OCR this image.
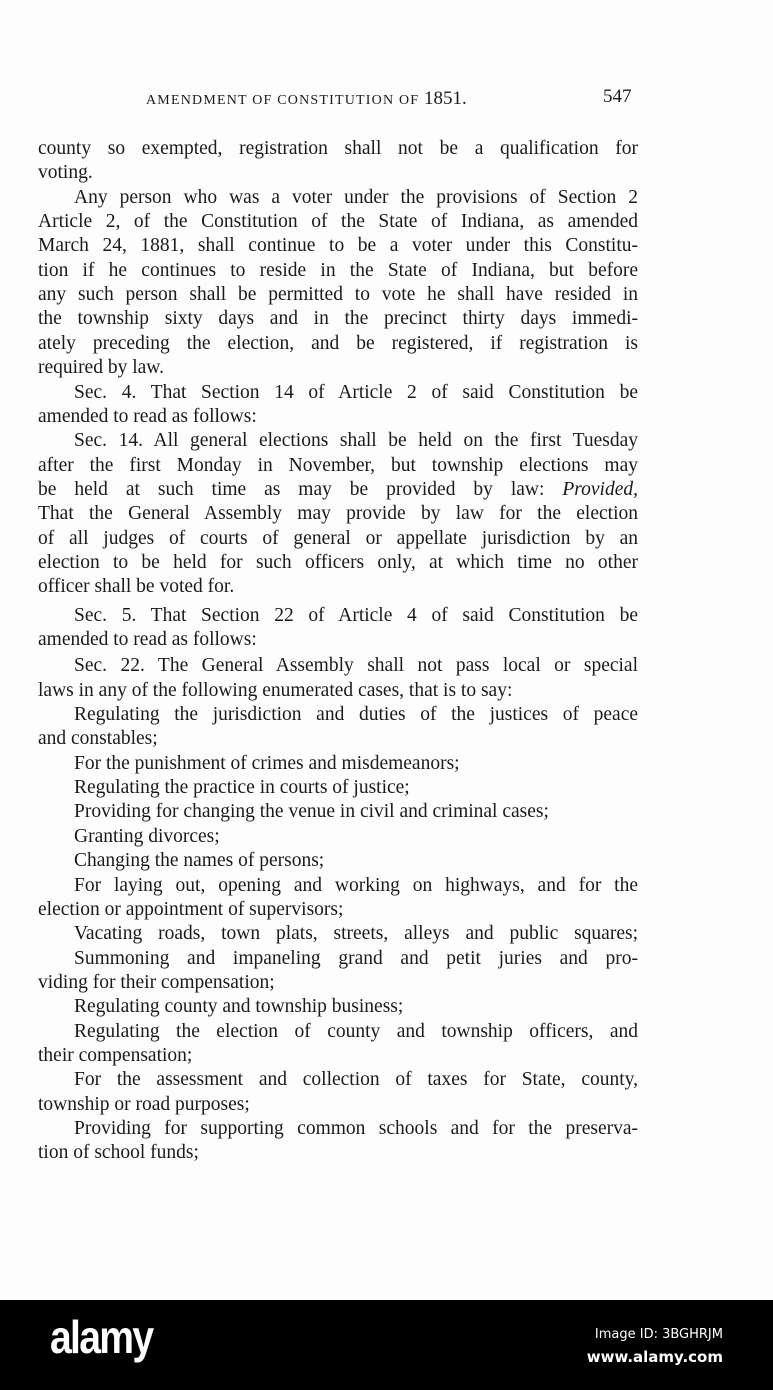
AMENDMENT OF CONSTITUTION OF 1851.	547
county so exempted, registration shall not be a qualification for
voting.
Any person who was a voter under the provisions of Section 2
Article 2, of the Constitution of the State of Indiana, as amended
March 24, 1881, shall continue to be a voter under this Constitu-
tion if he continues to reside in the State of Indiana, but before
any such person shall be permitted to vote he shall have resided in
the township sixty days and in the precinct thirty days immedi-
ately preceding the election, and be registered, if registration is
required by law.
Sec. 4. That Section 14 of Article 2 of said Constitution be
amended to read as follows:
Sec. 14. All general elections shall be held on the first Tuesday
after the first Monday in November, but township elections may
be held at such time as may be provided by law: Provided,
That the General Assembly may provide by law for the election
of all judges of courts of general or appellate jurisdiction by an
election to be held for such officers only, at which time no other
officer shall be voted for.
Sec. 5. That Section 22 of Article 4 of said Constitution be
amended to read as follows:
Sec. 22. The General Assembly shall not pass local or special
laws in any of the following enumerated cases, that is to say:
Regulating the jurisdiction and duties of the justices of peace
and constables;
For the punishment of crimes and misdemeanors;
Regulating the practice in courts of justice;
Providing for changing the venue in civil and criminal cases;
Granting divorces;
Changing the names of persons;
For laying out, opening and working on highways, and for the
election or appointment of supervisors;
Vacating roads, town plats, streets, alleys and public squares;
Summoning and impaneling grand and petit juries and pro-
viding for their compensation;
Regulating county and township business;
Regulating the election of county and township officers, and
their compensation;
For the assessment and collection of taxes for State, county,
township or road purposes;
Providing for supporting common schools and for the preserva-
tion of school funds;
alamy	Image ID: 3BGHRJM
www.alamy.com
